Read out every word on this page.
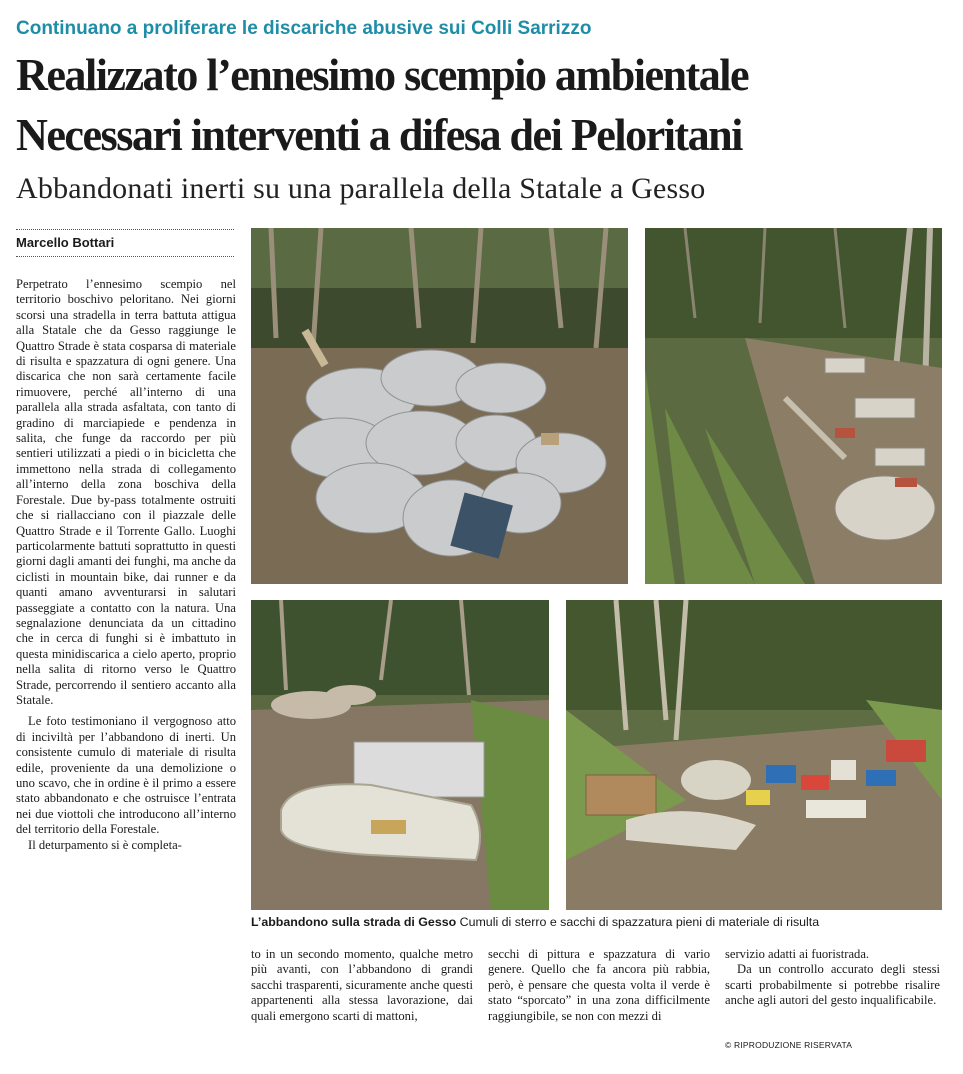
Continuano a proliferare le discariche abusive sui Colli Sarrizzo
Realizzato l’ennesimo scempio ambientale
Necessari interventi a difesa dei Peloritani
Abbandonati inerti su una parallela della Statale a Gesso
Marcello Bottari

Perpetrato l’ennesimo scempio nel territorio boschivo peloritano. Nei giorni scorsi una stradella in terra battuta attigua alla Statale che da Gesso raggiunge le Quattro Strade è stata cosparsa di materiale di risulta e spazzatura di ogni genere. Una discarica che non sarà certamente facile rimuovere, perché all’interno di una parallela alla strada asfaltata, con tanto di gradino di marciapiede e pendenza in salita, che funge da raccordo per più sentieri utilizzati a piedi o in bicicletta che immettono nella strada di collegamento all’interno della zona boschiva della Forestale. Due by-pass totalmente ostruiti che si riallacciano con il piazzale delle Quattro Strade e il Torrente Gallo. Luoghi particolarmente battuti soprattutto in questi giorni dagli amanti dei funghi, ma anche da ciclisti in mountain bike, dai runner e da quanti amano avventurarsi in salutari passeggiate a contatto con la natura. Una segnalazione denunciata da un cittadino che in cerca di funghi si è imbattuto in questa minidiscarica a cielo aperto, proprio nella salita di ritorno verso le Quattro Strade, percorrendo il sentiero accanto alla Statale.

Le foto testimoniano il vergognoso atto di inciviltà per l’abbandono di inerti. Un consistente cumulo di materiale di risulta edile, proveniente da una demolizione o uno scavo, che in ordine è il primo a essere stato abbandonato e che ostruisce l’entrata nei due viottoli che introducono all’interno del territorio della Forestale.

Il deturpamento si è completa-

L’abbandono sulla strada di Gesso Cumuli di sterro e sacchi di spazzatura pieni di materiale di risulta

to in un secondo momento, qualche metro più avanti, con l’abbandono di grandi sacchi trasparenti, sicuramente anche questi appartenenti alla stessa lavorazione, dai quali emergono scarti di mattoni,

secchi di pittura e spazzatura di vario genere. Quello che fa ancora più rabbia, però, è pensare che questa volta il verde è stato “sporcato” in una zona difficilmente raggiungibile, se non con mezzi di

servizio adatti ai fuoristrada.

Da un controllo accurato degli stessi scarti probabilmente si potrebbe risalire anche agli autori del gesto inqualificabile.

© RIPRODUZIONE RISERVATA
